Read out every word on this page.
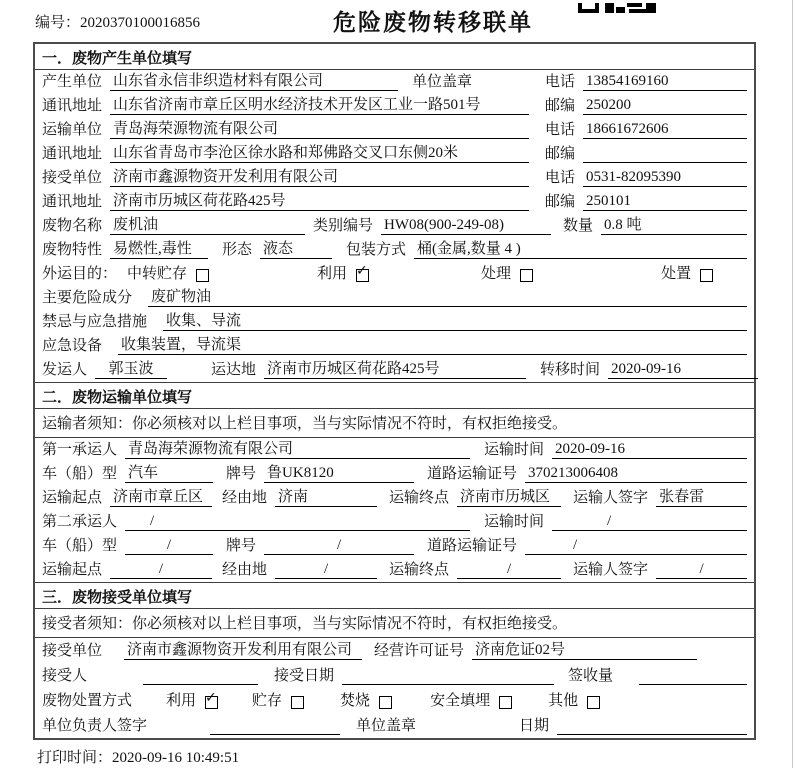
编号：2020370100016856	危险废物转移联单
一．废物产生单位填写
产生单位 山东省永信非织造材料有限公司	单位盖章	电话 13854169160
通讯地址 山东省济南市章丘区明水经济技术开发区工业一路501号	邮编 250200
运输单位 青岛海荣源物流有限公司	电话 18661672606
通讯地址 山东省青岛市李沧区徐水路和郑佛路交叉口东侧20米	邮编
接受单位 济南市鑫源物资开发利用有限公司	电话 0531-82095390
通讯地址 济南市历城区荷花路425号	邮编 250101
废物名称 废机油	类别编号 HW08(900-249-08)	数量 0.8 吨
废物特性 易燃性,毒性	形态 液态	包装方式 桶(金属,数量 4 )
外运目的： 中转贮存	利用 ✓	处理	处置
主要危险成分 废矿物油
禁忌与应急措施 收集、导流
应急设备 收集装置，导流渠
发运人	郭玉波	运达地 济南市历城区荷花路425号	转移时间 2020-09-16
二．废物运输单位填写
运输者须知：你必须核对以上栏目事项，当与实际情况不符时，有权拒绝接受。
第一承运人 青岛海荣源物流有限公司	运输时间 2020-09-16
车（船）型 汽车	牌号 鲁UK8120	道路运输证号 370213006408
运输起点 济南市章丘区	经由地 济南	运输终点 济南市历城区	运输人签字 张春雷
第二承运人	/	运输时间	/
车（船）型	/	牌号	/	道路运输证号	/
运输起点	/	经由地	/	运输终点	/	运输人签字	/
三．废物接受单位填写
接受者须知：你必须核对以上栏目事项，当与实际情况不符时，有权拒绝接受。
接受单位 济南市鑫源物资开发利用有限公司	经营许可证号 济南危证02号
接受人	接受日期	签收量
废物处置方式 利用 ✓ 贮存	焚烧	安全填埋	其他
单位负责人签字	单位盖章	日期
打印时间：2020-09-16 10:49:51
